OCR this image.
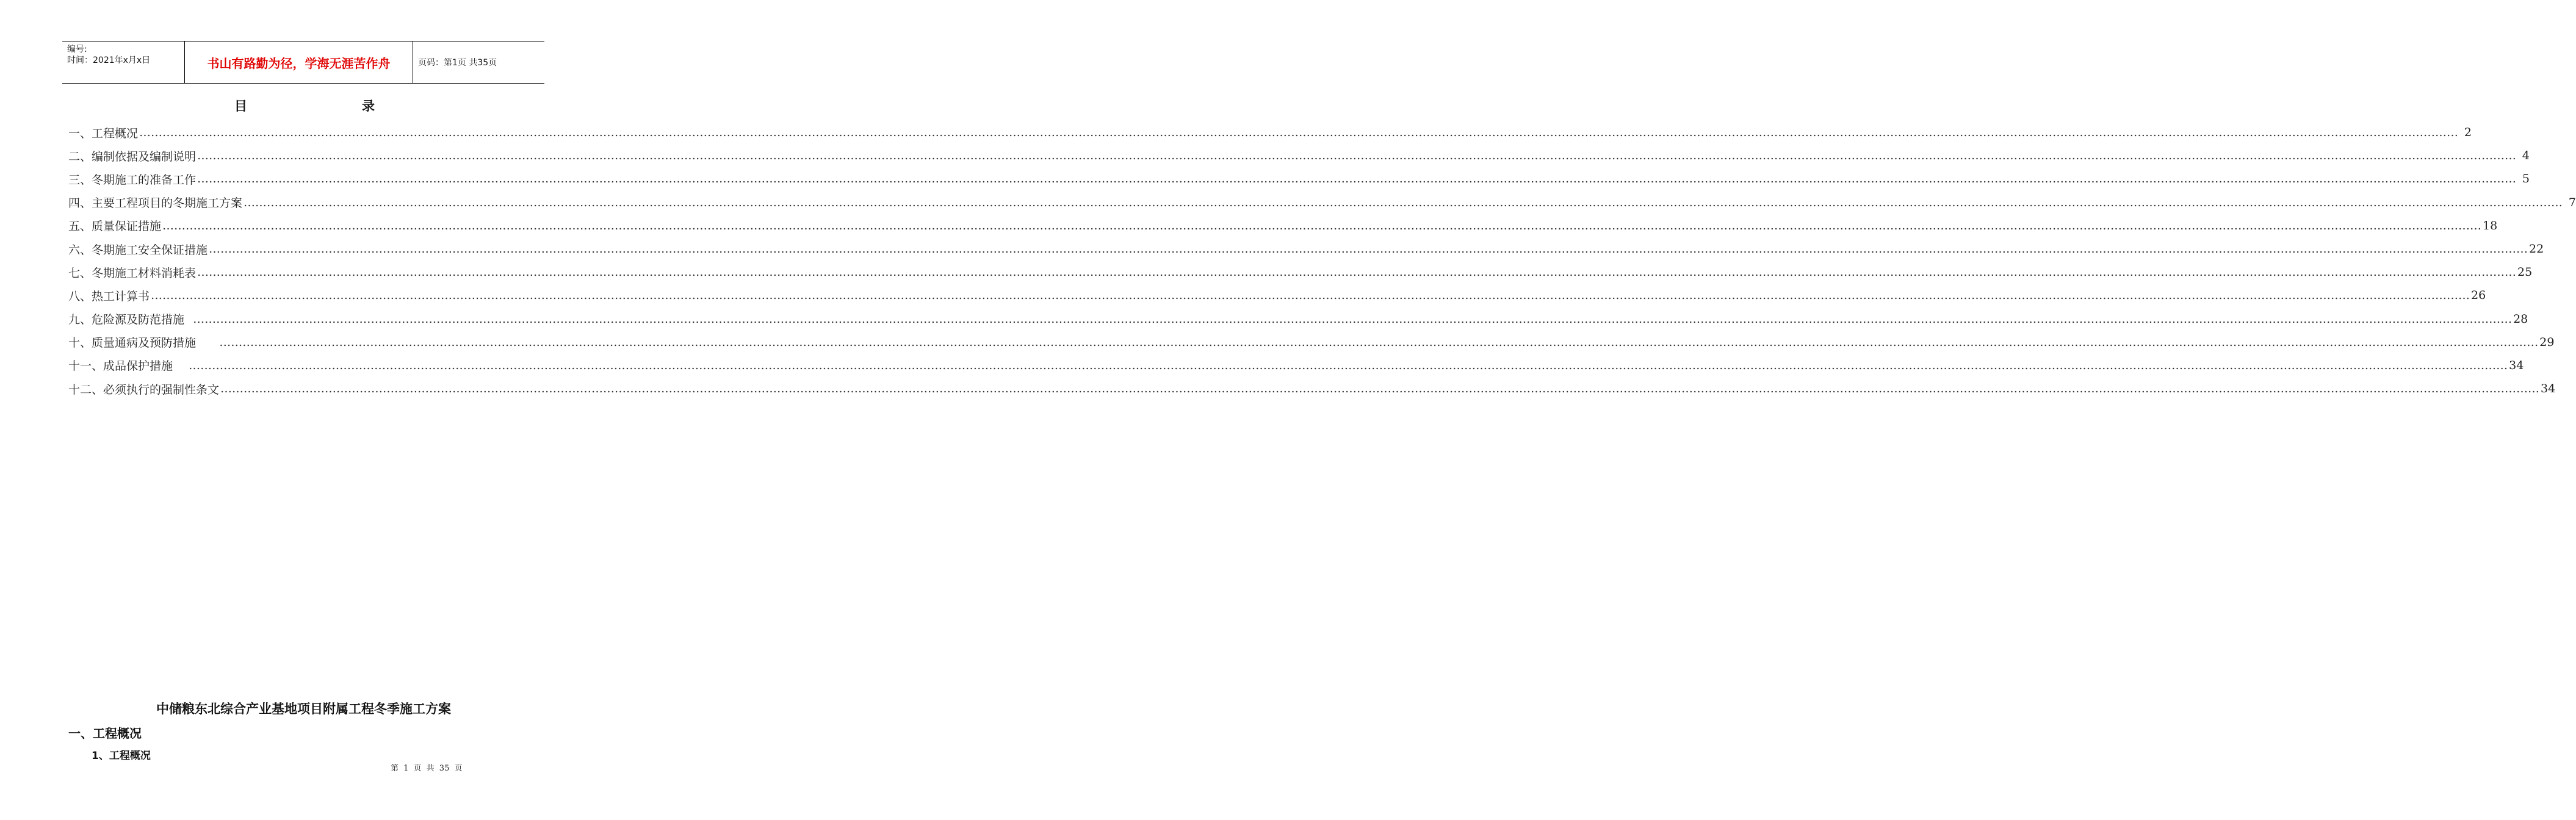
编号:
时间：2021年x月x日	书山有路勤为径，学海无涯苦作舟	页码：第1页 共35页
目	录
一、工程概况 …………………………………………………………………………………………………………………………………………………………………………………………………………………………………………………………………………………………………………………………………………………………………………………………………………………………………………………………………………………………………………………………………………………… 2
二、编制依据及编制说明 …………………………………………………………………………………………………………………………………………………………………………………………………………………………………………………………………………………………………………………………………………………………………………………………………………………………………………………………………………………………………………………………………………………… 4
三、冬期施工的准备工作 …………………………………………………………………………………………………………………………………………………………………………………………………………………………………………………………………………………………………………………………………………………………………………………………………………………………………………………………………………………………………………………………………………………… 5
四、主要工程项目的冬期施工方案 …………………………………………………………………………………………………………………………………………………………………………………………………………………………………………………………………………………………………………………………………………………………………………………………………………………………………………………………………………………………………………………………………………………… 7
五、质量保证措施 …………………………………………………………………………………………………………………………………………………………………………………………………………………………………………………………………………………………………………………………………………………………………………………………………………………………………………………………………………………………………………………………………………………… 18
六、冬期施工安全保证措施 …………………………………………………………………………………………………………………………………………………………………………………………………………………………………………………………………………………………………………………………………………………………………………………………………………………………………………………………………………………………………………………………………………………… 22
七、冬期施工材料消耗表 …………………………………………………………………………………………………………………………………………………………………………………………………………………………………………………………………………………………………………………………………………………………………………………………………………………………………………………………………………………………………………………………………………………… 25
八、热工计算书 …………………………………………………………………………………………………………………………………………………………………………………………………………………………………………………………………………………………………………………………………………………………………………………………………………………………………………………………………………………………………………………………………………………… 26
九、危险源及防范措施 …………………………………………………………………………………………………………………………………………………………………………………………………………………………………………………………………………………………………………………………………………………………………………………………………………………………………………………………………………………………………………………………………………………… 28
十、质量通病及预防措施 …………………………………………………………………………………………………………………………………………………………………………………………………………………………………………………………………………………………………………………………………………………………………………………………………………………………………………………………………………………………………………………………………………………… 29
十一、成品保护措施 …………………………………………………………………………………………………………………………………………………………………………………………………………………………………………………………………………………………………………………………………………………………………………………………………………………………………………………………………………………………………………………………………………………… 34
十二、必须执行的强制性条文 …………………………………………………………………………………………………………………………………………………………………………………………………………………………………………………………………………………………………………………………………………………………………………………………………………………………………………………………………………………………………………………………………………………… 34
中储粮东北综合产业基地项目附属工程冬季施工方案
一、工程概况
1、工程概况
第 1 页 共 35 页
